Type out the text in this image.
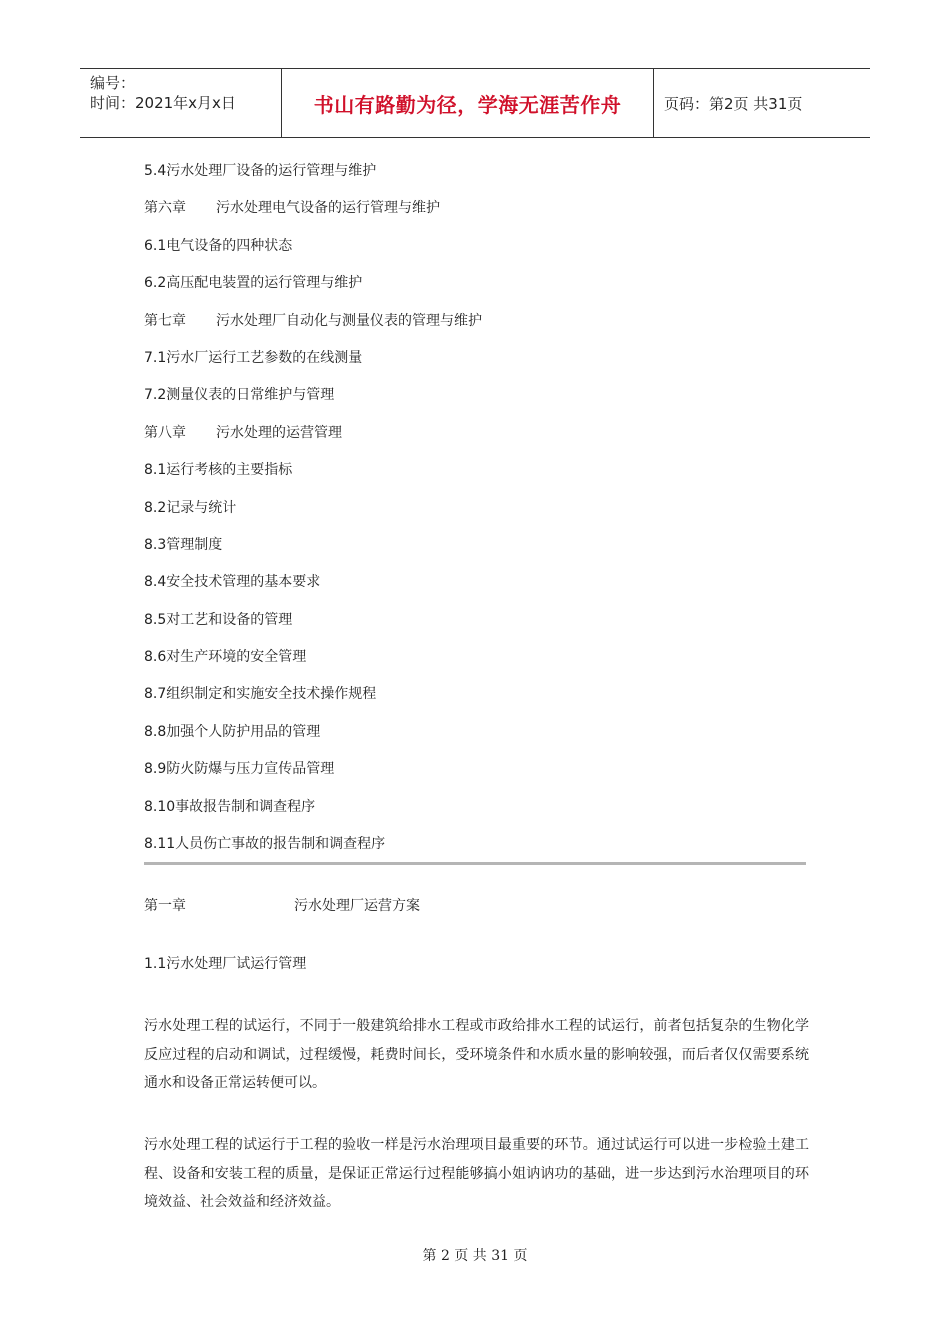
编号：
时间：2021年x月x日	书山有路勤为径，学海无涯苦作舟	页码：第2页 共31页
5.4污水处理厂设备的运行管理与维护
第六章 污水处理电气设备的运行管理与维护
6.1电气设备的四种状态
6.2高压配电装置的运行管理与维护
第七章 污水处理厂自动化与测量仪表的管理与维护
7.1污水厂运行工艺参数的在线测量
7.2测量仪表的日常维护与管理
第八章 污水处理的运营管理
8.1运行考核的主要指标
8.2记录与统计
8.3管理制度
8.4安全技术管理的基本要求
8.5对工艺和设备的管理
8.6对生产环境的安全管理
8.7组织制定和实施安全技术操作规程
8.8加强个人防护用品的管理
8.9防火防爆与压力宣传品管理
8.10事故报告制和调查程序
8.11人员伤亡事故的报告制和调查程序
第一章	污水处理厂运营方案
1.1污水处理厂试运行管理
污水处理工程的试运行，不同于一般建筑给排水工程或市政给排水工程的试运行，前者包括复杂的生物化学反应过程的启动和调试，过程缓慢，耗费时间长，受环境条件和水质水量的影响较强，而后者仅仅需要系统通水和设备正常运转便可以。
污水处理工程的试运行于工程的验收一样是污水治理项目最重要的环节。通过试运行可以进一步检验土建工程、设备和安装工程的质量，是保证正常运行过程能够搞小姐讷讷功的基础，进一步达到污水治理项目的环境效益、社会效益和经济效益。
第 2 页 共 31 页
